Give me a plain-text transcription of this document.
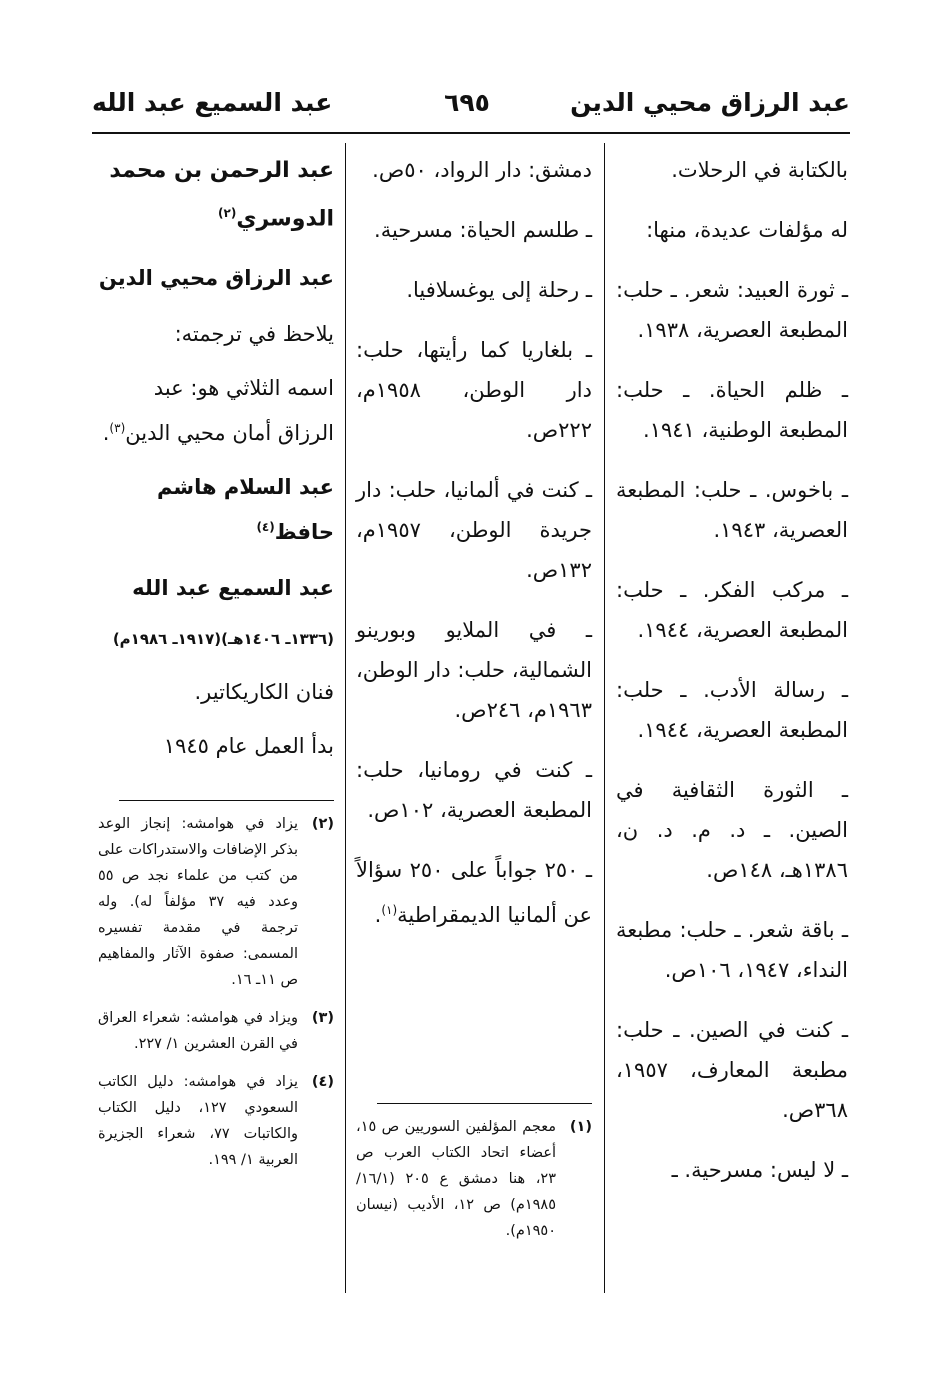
عبد الرزاق محيي الدين
٦٩٥
عبد السميع عبد الله

بالكتابة في الرحلات.

له مؤلفات عديدة، منها:

ـ ثورة العبيد: شعر. ـ حلب: المطبعة العصرية، ١٩٣٨.

ـ ظلم الحياة. ـ حلب: المطبعة الوطنية، ١٩٤١.

ـ باخوس. ـ حلب: المطبعة العصرية، ١٩٤٣.

ـ مركب الفكر. ـ حلب: المطبعة العصرية، ١٩٤٤.

ـ رسالة الأدب. ـ حلب: المطبعة العصرية، ١٩٤٤.

ـ الثورة الثقافية في الصين. ـ د. م. د. ن، ١٣٨٦هـ، ١٤٨ص.

ـ باقة شعر. ـ حلب: مطبعة النداء، ١٩٤٧، ١٠٦ص.

ـ كنت في الصين. ـ حلب: مطبعة المعارف، ١٩٥٧، ٣٦٨ص.

ـ لا ليس: مسرحية. ـ

دمشق: دار الرواد، ٥٠ص.

ـ طلسم الحياة: مسرحية.

ـ رحلة إلى يوغسلافيا.

ـ بلغاريا كما رأيتها، حلب: دار الوطن، ١٩٥٨م، ٢٢٢ص.

ـ كنت في ألمانيا، حلب: دار جريدة الوطن، ١٩٥٧م، ١٣٢ص.

ـ في الملايو وبورينو الشمالية، حلب: دار الوطن، ١٩٦٣م، ٢٤٦ص.

ـ كنت في رومانيا، حلب: المطبعة العصرية، ١٠٢ص.

ـ ٢٥٠ جواباً على ٢٥٠ سؤالاً عن ألمانيا الديمقراطية$^{(١)}$.

(١)
معجم المؤلفين السوريين ص ١٥، أعضاء اتحاد الكتاب العرب ص ٢٣، هنا دمشق ع ٢٠٥ (١٦/١/ ١٩٨٥م) ص ١٢، الأديب (نيسان ١٩٥٠م).
عبد الرحمن بن محمد الدوسري$^{(٢)}$
عبد الرزاق محيي الدين

يلاحظ في ترجمته:

اسمه الثلاثي هو: عبد الرزاق أمان محيي الدين$^{(٣)}$.

عبد السلام هاشم حافظ$^{(٤)}$
عبد السميع عبد الله

(١٣٣٦ـ ١٤٠٦هـ)(١٩١٧ـ ١٩٨٦م)

فنان الكاريكاتير.

بدأ العمل عام ١٩٤٥

(٢)
يزاد في هوامشه: إنجاز الوعد بذكر الإضافات والاستدراكات على من كتب من علماء نجد ص ٥٥ وعدد فيه ٣٧ مؤلفاً له). وله ترجمة في مقدمة تفسيره المسمى: صفوة الآثار والمفاهيم ص ١١ـ ١٦.
(٣)
ويزاد في هوامشه: شعراء العراق في القرن العشرين ١/ ٢٢٧.
(٤)
يزاد في هوامشه: دليل الكاتب السعودي ١٢٧، دليل الكتاب والكاتبات ٧٧، شعراء الجزيرة العربية ١/ ١٩٩.
